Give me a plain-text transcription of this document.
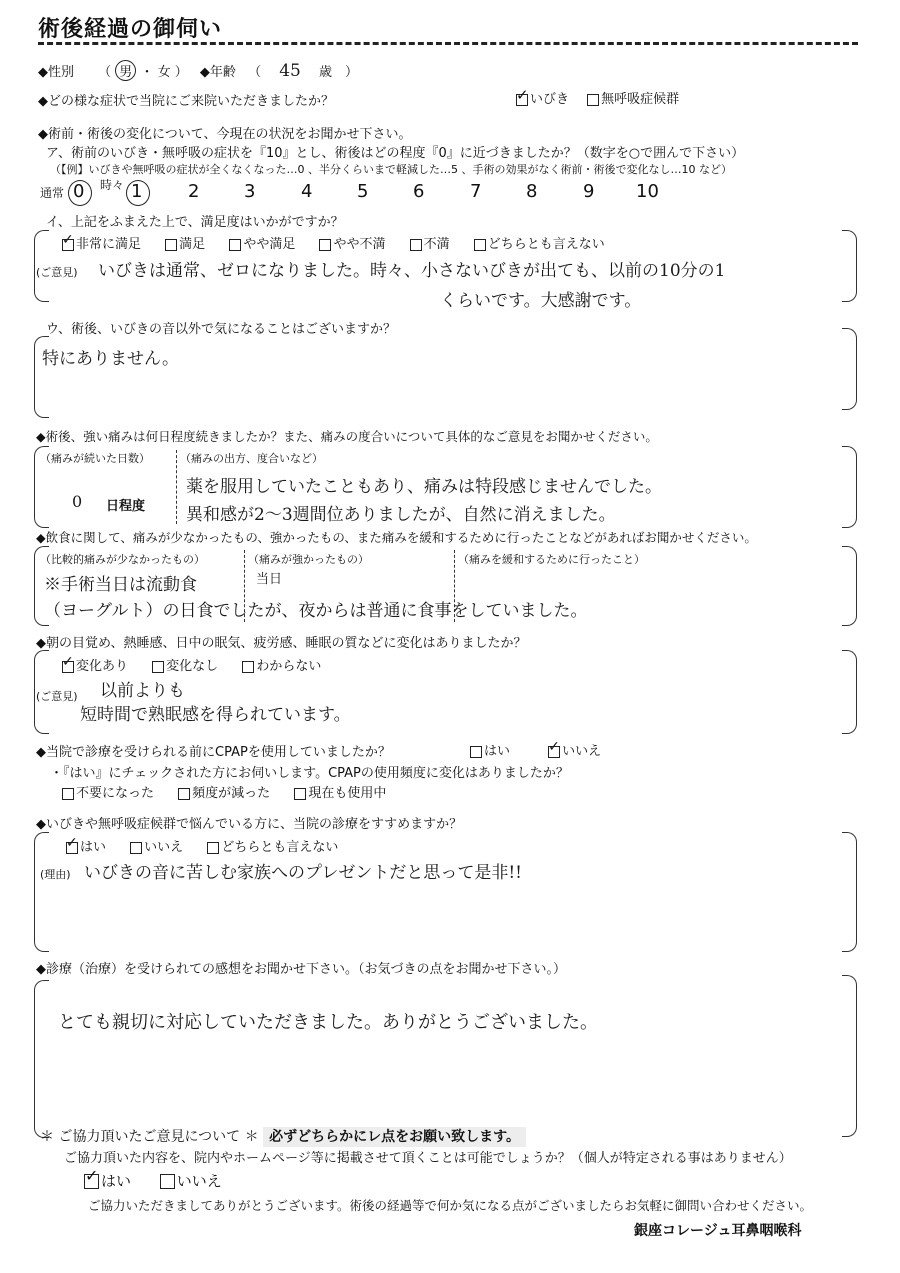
術後経過の御伺い
◆性別 （ 男 ・ 女 ） ◆年齢 （ 45 歳　）
◆どの様な症状で当院にご来院いただきましたか？	✓ いびき 無呼吸症候群
◆術前・術後の変化について、今現在の状況をお聞かせ下さい。
ア、術前のいびき・無呼吸の症状を『10』とし、術後はどの程度『0』に近づきましたか？（数字を○で囲んで下さい）
（【例】いびきや無呼吸の症状が全くなくなった…0 、半分くらいまで軽減した…5 、手術の効果がなく術前・術後で変化なし…10 など）
通常
時々
0	1	2 3	4 5 6	7 8	9 10
イ、上記をふまえた上で、満足度はいかがですか？
✓ 非常に満足	満足	やや満足	やや不満	不満	どちらとも言えない
(ご意見) いびきは通常、ゼロになりました。時々、小さないびきが出ても、以前の10分の1
くらいです。大感謝です。
ウ、術後、いびきの音以外で気になることはございますか？
特にありません。
◆術後、強い痛みは何日程度続きましたか？また、痛みの度合いについて具体的なご意見をお聞かせください。
（痛みが続いた日数）
0 日程度
（痛みの出方、度合いなど）
薬を服用していたこともあり、痛みは特段感じませんでした。
異和感が2～3週間位ありましたが、自然に消えました。
◆飲食に関して、痛みが少なかったもの、強かったもの、また痛みを緩和するために行ったことなどがあればお聞かせください。
（比較的痛みが少なかったもの）	（痛みが強かったもの）	（痛みを緩和するために行ったこと）
※手術当日は流動食	当日
（ヨーグルト）の日食でしたが、夜からは普通に食事をしていました。
◆朝の目覚め、熱睡感、日中の眠気、疲労感、睡眠の質などに変化はありましたか？
✓ 変化あり	変化なし	わからない
(ご意見) 以前よりも
短時間で熟眠感を得られています。
◆当院で診療を受けられる前にCPAPを使用していましたか？	はい	✓ いいえ
・『はい』にチェックされた方にお伺いします。CPAPの使用頻度に変化はありましたか？
不要になった	頻度が減った	現在も使用中
◆いびきや無呼吸症候群で悩んでいる方に、当院の診療をすすめますか？
✓ はい	いいえ	どちらとも言えない
(理由) いびきの音に苦しむ家族へのプレゼントだと思って是非!!
◆診療（治療）を受けられての感想をお聞かせ下さい。（お気づきの点をお聞かせ下さい。）
とても親切に対応していただきました。ありがとうございました。
＊ ご協力頂いたご意見について ＊ 必ずどちらかにレ点をお願い致します。
ご協力頂いた内容を、院内やホームページ等に掲載させて頂くことは可能でしょうか？（個人が特定される事はありません）
✓ はい	いいえ
ご協力いただきましてありがとうございます。術後の経過等で何か気になる点がございましたらお気軽に御問い合わせください。
銀座コレージュ耳鼻咽喉科
